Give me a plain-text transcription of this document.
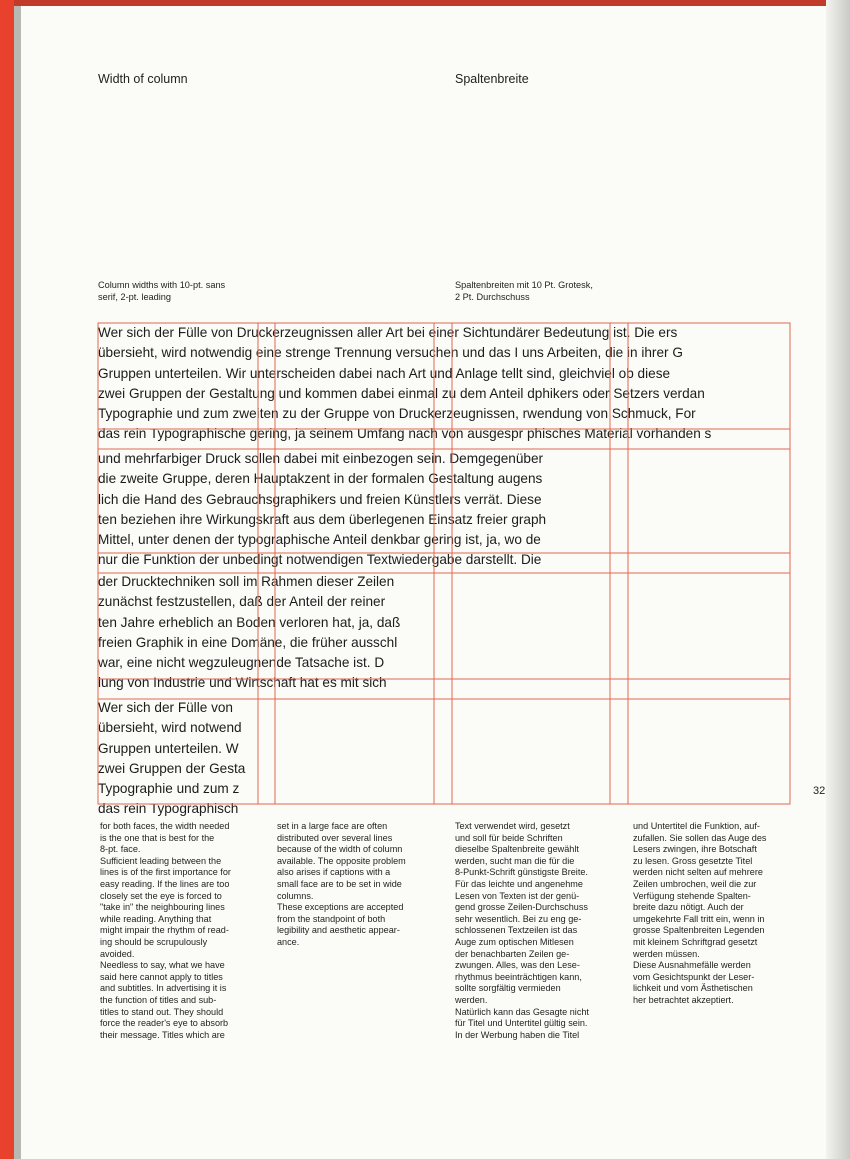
Width of column	Spaltenbreite
Column widths with 10-pt. sans
serif, 2-pt. leading
Spaltenbreiten mit 10 Pt. Grotesk,
2 Pt. Durchschuss
Wer sich der Fülle von Druckerzeugnissen aller Art bei einer Sichtundärer Bedeutung ist. Die ers
übersieht, wird notwendig eine strenge Trennung versuchen und das I uns Arbeiten, die in ihrer G
Gruppen unterteilen. Wir unterscheiden dabei nach Art und Anlage tellt sind, gleichviel ob diese
zwei Gruppen der Gestaltung und kommen dabei einmal zu dem Anteil dphikers oder Setzers verdan
Typographie und zum zweiten zu der Gruppe von Druckerzeugnissen, rwendung von Schmuck, For
das rein Typographische gering, ja seinem Umfang nach von ausgespr phisches Material vorhanden s
und mehrfarbiger Druck sollen dabei mit einbezogen sein. Demgegenüber
die zweite Gruppe, deren Hauptakzent in der formalen Gestaltung augens
lich die Hand des Gebrauchsgraphikers und freien Künstlers verrät. Diese
ten beziehen ihre Wirkungskraft aus dem überlegenen Einsatz freier graph
Mittel, unter denen der typographische Anteil denkbar gering ist, ja, wo de
nur die Funktion der unbedingt notwendigen Textwiedergabe darstellt. Die
der Drucktechniken soll im Rahmen dieser Zeilen
zunächst festzustellen, daß der Anteil der reiner
ten Jahre erheblich an Boden verloren hat, ja, daß
freien Graphik in eine Domäne, die früher ausschl
war, eine nicht wegzuleugnende Tatsache ist. D
lung von Industrie und Wirtschaft hat es mit sich
Wer sich der Fülle von
übersieht, wird notwend
Gruppen unterteilen. W
zwei Gruppen der Gesta
Typographie und zum z
das rein Typographisch
32
for both faces, the width needed
is the one that is best for the
8-pt. face.
Sufficient leading between the
lines is of the first importance for
easy reading. If the lines are too
closely set the eye is forced to
"take in" the neighbouring lines
while reading. Anything that
might impair the rhythm of read-
ing should be scrupulously
avoided.
Needless to say, what we have
said here cannot apply to titles
and subtitles. In advertising it is
the function of titles and sub-
titles to stand out. They should
force the reader's eye to absorb
their message. Titles which are
set in a large face are often
distributed over several lines
because of the width of column
available. The opposite problem
also arises if captions with a
small face are to be set in wide
columns.
These exceptions are accepted
from the standpoint of both
legibility and aesthetic appear-
ance.
Text verwendet wird, gesetzt
und soll für beide Schriften
dieselbe Spaltenbreite gewählt
werden, sucht man die für die
8-Punkt-Schrift günstigste Breite.
Für das leichte und angenehme
Lesen von Texten ist der genü-
gend grosse Zeilen-Durchschuss
sehr wesentlich. Bei zu eng ge-
schlossenen Textzeilen ist das
Auge zum optischen Mitlesen
der benachbarten Zeilen ge-
zwungen. Alles, was den Lese-
rhythmus beeinträchtigen kann,
sollte sorgfältig vermieden
werden.
Natürlich kann das Gesagte nicht
für Titel und Untertitel gültig sein.
In der Werbung haben die Titel
und Untertitel die Funktion, auf-
zufallen. Sie sollen das Auge des
Lesers zwingen, ihre Botschaft
zu lesen. Gross gesetzte Titel
werden nicht selten auf mehrere
Zeilen umbrochen, weil die zur
Verfügung stehende Spalten-
breite dazu nötigt. Auch der
umgekehrte Fall tritt ein, wenn in
grosse Spaltenbreiten Legenden
mit kleinem Schriftgrad gesetzt
werden müssen.
Diese Ausnahmefälle werden
vom Gesichtspunkt der Leser-
lichkeit und vom Ästhetischen
her betrachtet akzeptiert.
